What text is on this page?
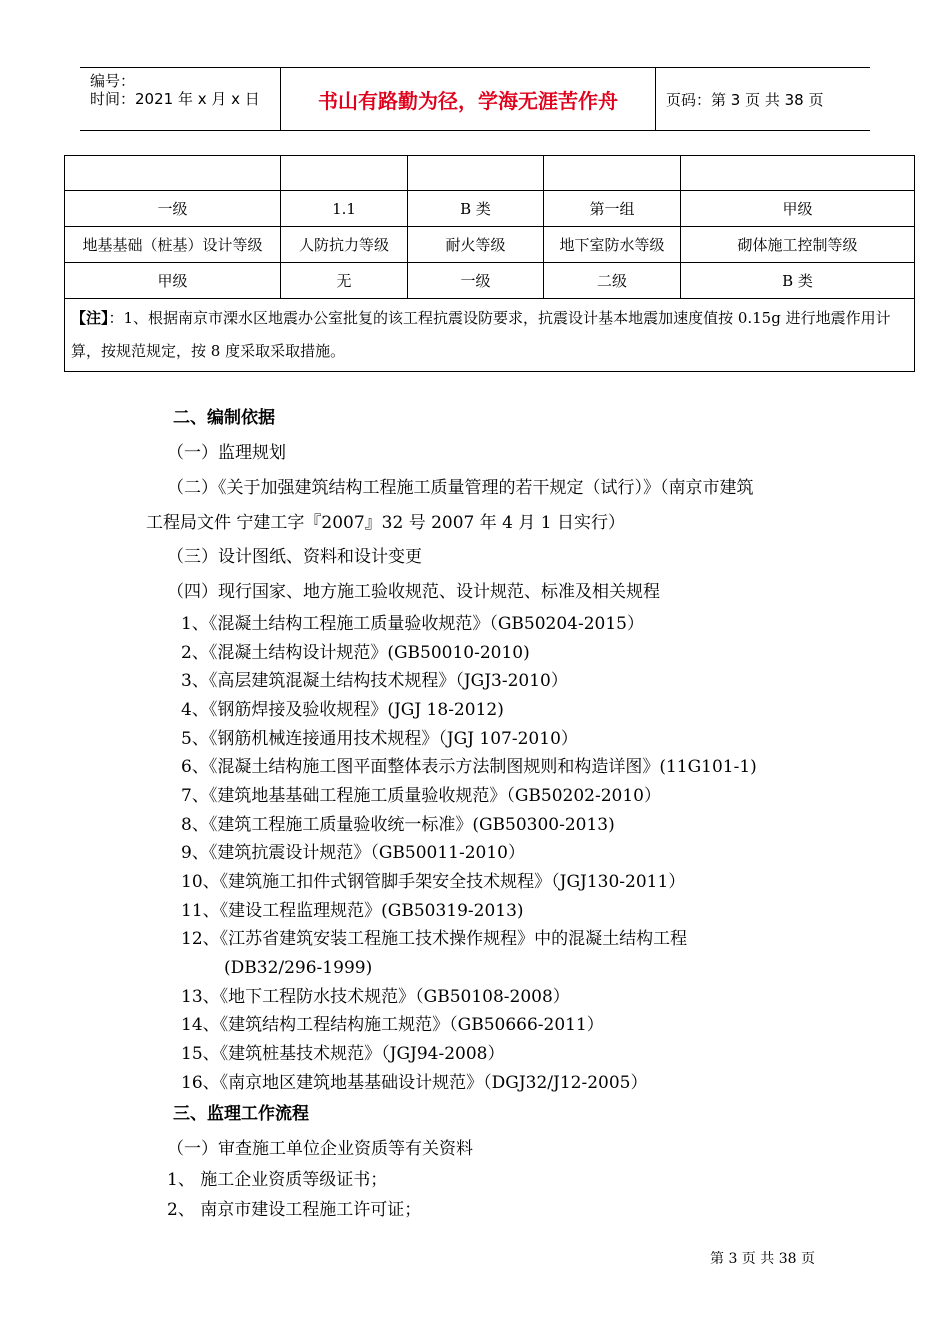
编号：
时间：2021 年 x 月 x 日	书山有路勤为径，学海无涯苦作舟	页码：第 3 页 共 38 页

一级	1.1	B 类	第一组	甲级
地基基础（桩基）设计等级	人防抗力等级	耐火等级	地下室防水等级	砌体施工控制等级
甲级	无	一级	二级	B 类
【注】：1、根据南京市溧水区地震办公室批复的该工程抗震设防要求，抗震设计基本地震加速度值按 0.15g 进行地震作用计算，按规范规定，按 8 度采取采取措施。				
二、编制依据
（一）监理规划
（二）《关于加强建筑结构工程施工质量管理的若干规定（试行）》（南京市建筑
工程局文件 宁建工字『2007』32 号 2007 年 4 月 1 日实行）
（三）设计图纸、资料和设计变更
（四）现行国家、地方施工验收规范、设计规范、标准及相关规程
1、《混凝土结构工程施工质量验收规范》（GB50204-2015）
2、《混凝土结构设计规范》(GB50010-2010)
3、《高层建筑混凝土结构技术规程》（JGJ3-2010）
4、《钢筋焊接及验收规程》(JGJ 18-2012)
5、《钢筋机械连接通用技术规程》（JGJ 107-2010）
6、《混凝土结构施工图平面整体表示方法制图规则和构造详图》(11G101-1)
7、《建筑地基基础工程施工质量验收规范》（GB50202-2010）
8、《建筑工程施工质量验收统一标准》(GB50300-2013)
9、《建筑抗震设计规范》（GB50011-2010）
10、《建筑施工扣件式钢管脚手架安全技术规程》（JGJ130-2011）
11、《建设工程监理规范》(GB50319-2013)
12、《江苏省建筑安装工程施工技术操作规程》中的混凝土结构工程
(DB32/296-1999)
13、《地下工程防水技术规范》（GB50108-2008）
14、《建筑结构工程结构施工规范》（GB50666-2011）
15、《建筑桩基技术规范》（JGJ94-2008）
16、《南京地区建筑地基基础设计规范》（DGJ32/J12-2005）
三、监理工作流程
（一）审查施工单位企业资质等有关资料
1、 施工企业资质等级证书；
2、 南京市建设工程施工许可证；
第 3 页 共 38 页
